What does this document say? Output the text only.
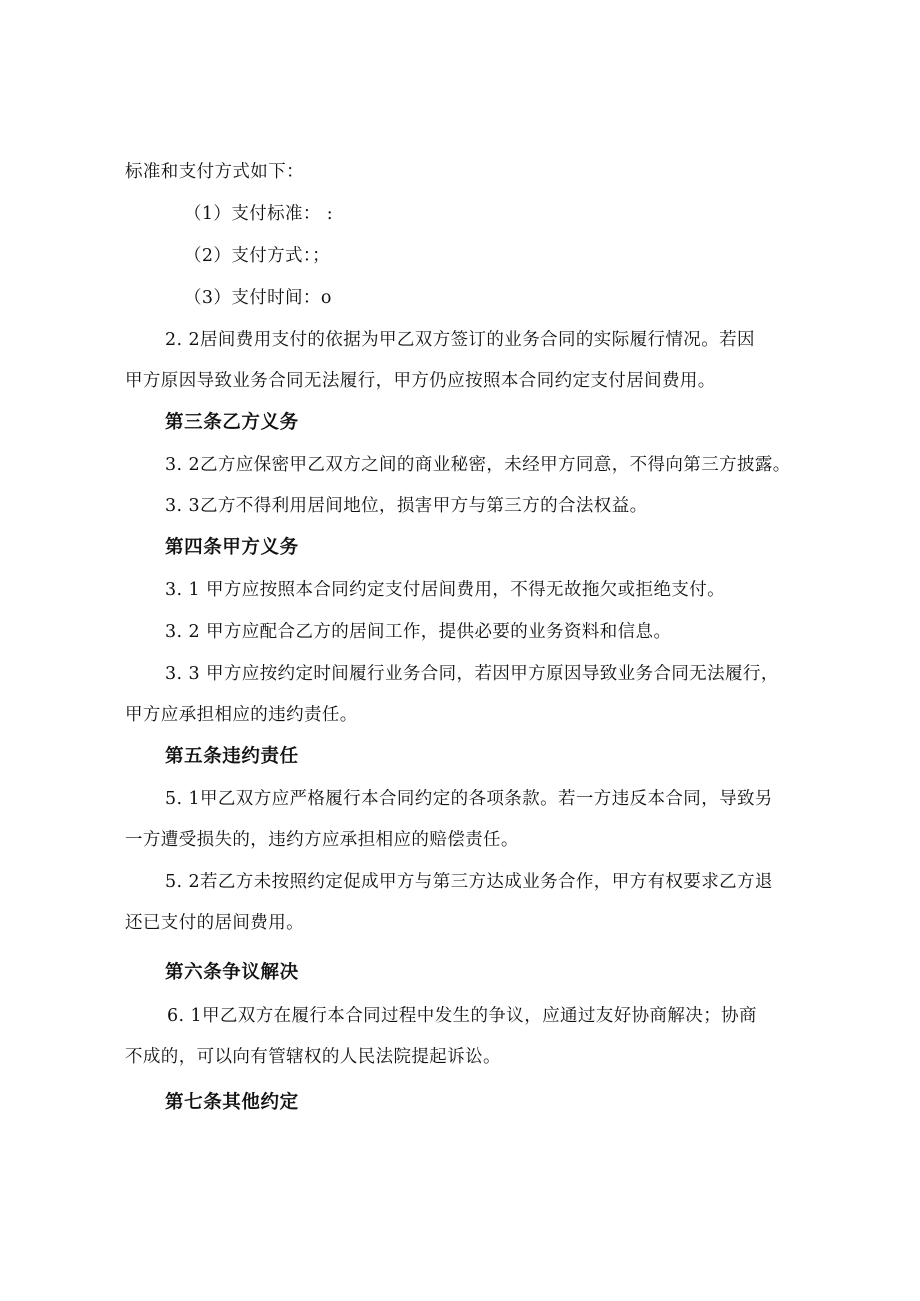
标准和支付方式如下：
（1）支付标准： :
（2）支付方式：；
（3）支付时间：o
2. 2居间费用支付的依据为甲乙双方签订的业务合同的实际履行情况。若因
甲方原因导致业务合同无法履行，甲方仍应按照本合同约定支付居间费用。
第三条乙方义务
3. 2乙方应保密甲乙双方之间的商业秘密，未经甲方同意，不得向第三方披露。
3. 3乙方不得利用居间地位，损害甲方与第三方的合法权益。
第四条甲方义务
3. 1 甲方应按照本合同约定支付居间费用，不得无故拖欠或拒绝支付。
3. 2 甲方应配合乙方的居间工作，提供必要的业务资料和信息。
3. 3 甲方应按约定时间履行业务合同，若因甲方原因导致业务合同无法履行，
甲方应承担相应的违约责任。
第五条违约责任
5. 1甲乙双方应严格履行本合同约定的各项条款。若一方违反本合同，导致另
一方遭受损失的，违约方应承担相应的赔偿责任。
5. 2若乙方未按照约定促成甲方与第三方达成业务合作，甲方有权要求乙方退
还已支付的居间费用。
第六条争议解决
6. 1甲乙双方在履行本合同过程中发生的争议，应通过友好协商解决；协商
不成的，可以向有管辖权的人民法院提起诉讼。
第七条其他约定
